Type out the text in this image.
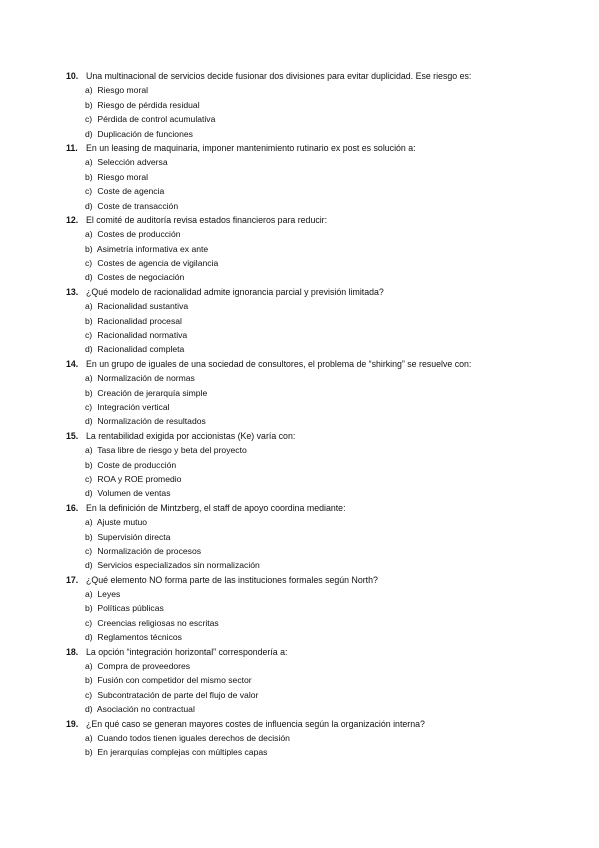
10. Una multinacional de servicios decide fusionar dos divisiones para evitar duplicidad. Ese riesgo es:
a) Riesgo moral
b) Riesgo de pérdida residual
c) Pérdida de control acumulativa
d) Duplicación de funciones
11. En un leasing de maquinaria, imponer mantenimiento rutinario ex post es solución a:
a) Selección adversa
b) Riesgo moral
c) Coste de agencia
d) Coste de transacción
12. El comité de auditoría revisa estados financieros para reducir:
a) Costes de producción
b) Asimetría informativa ex ante
c) Costes de agencia de vigilancia
d) Costes de negociación
13. ¿Qué modelo de racionalidad admite ignorancia parcial y previsión limitada?
a) Racionalidad sustantiva
b) Racionalidad procesal
c) Racionalidad normativa
d) Racionalidad completa
14. En un grupo de iguales de una sociedad de consultores, el problema de “shirking” se resuelve con:
a) Normalización de normas
b) Creación de jerarquía simple
c) Integración vertical
d) Normalización de resultados
15. La rentabilidad exigida por accionistas (Ke) varía con:
a) Tasa libre de riesgo y beta del proyecto
b) Coste de producción
c) ROA y ROE promedio
d) Volumen de ventas
16. En la definición de Mintzberg, el staff de apoyo coordina mediante:
a) Ajuste mutuo
b) Supervisión directa
c) Normalización de procesos
d) Servicios especializados sin normalización
17. ¿Qué elemento NO forma parte de las instituciones formales según North?
a) Leyes
b) Políticas públicas
c) Creencias religiosas no escritas
d) Reglamentos técnicos
18. La opción “integración horizontal” correspondería a:
a) Compra de proveedores
b) Fusión con competidor del mismo sector
c) Subcontratación de parte del flujo de valor
d) Asociación no contractual
19. ¿En qué caso se generan mayores costes de influencia según la organización interna?
a) Cuando todos tienen iguales derechos de decisión
b) En jerarquías complejas con múltiples capas
